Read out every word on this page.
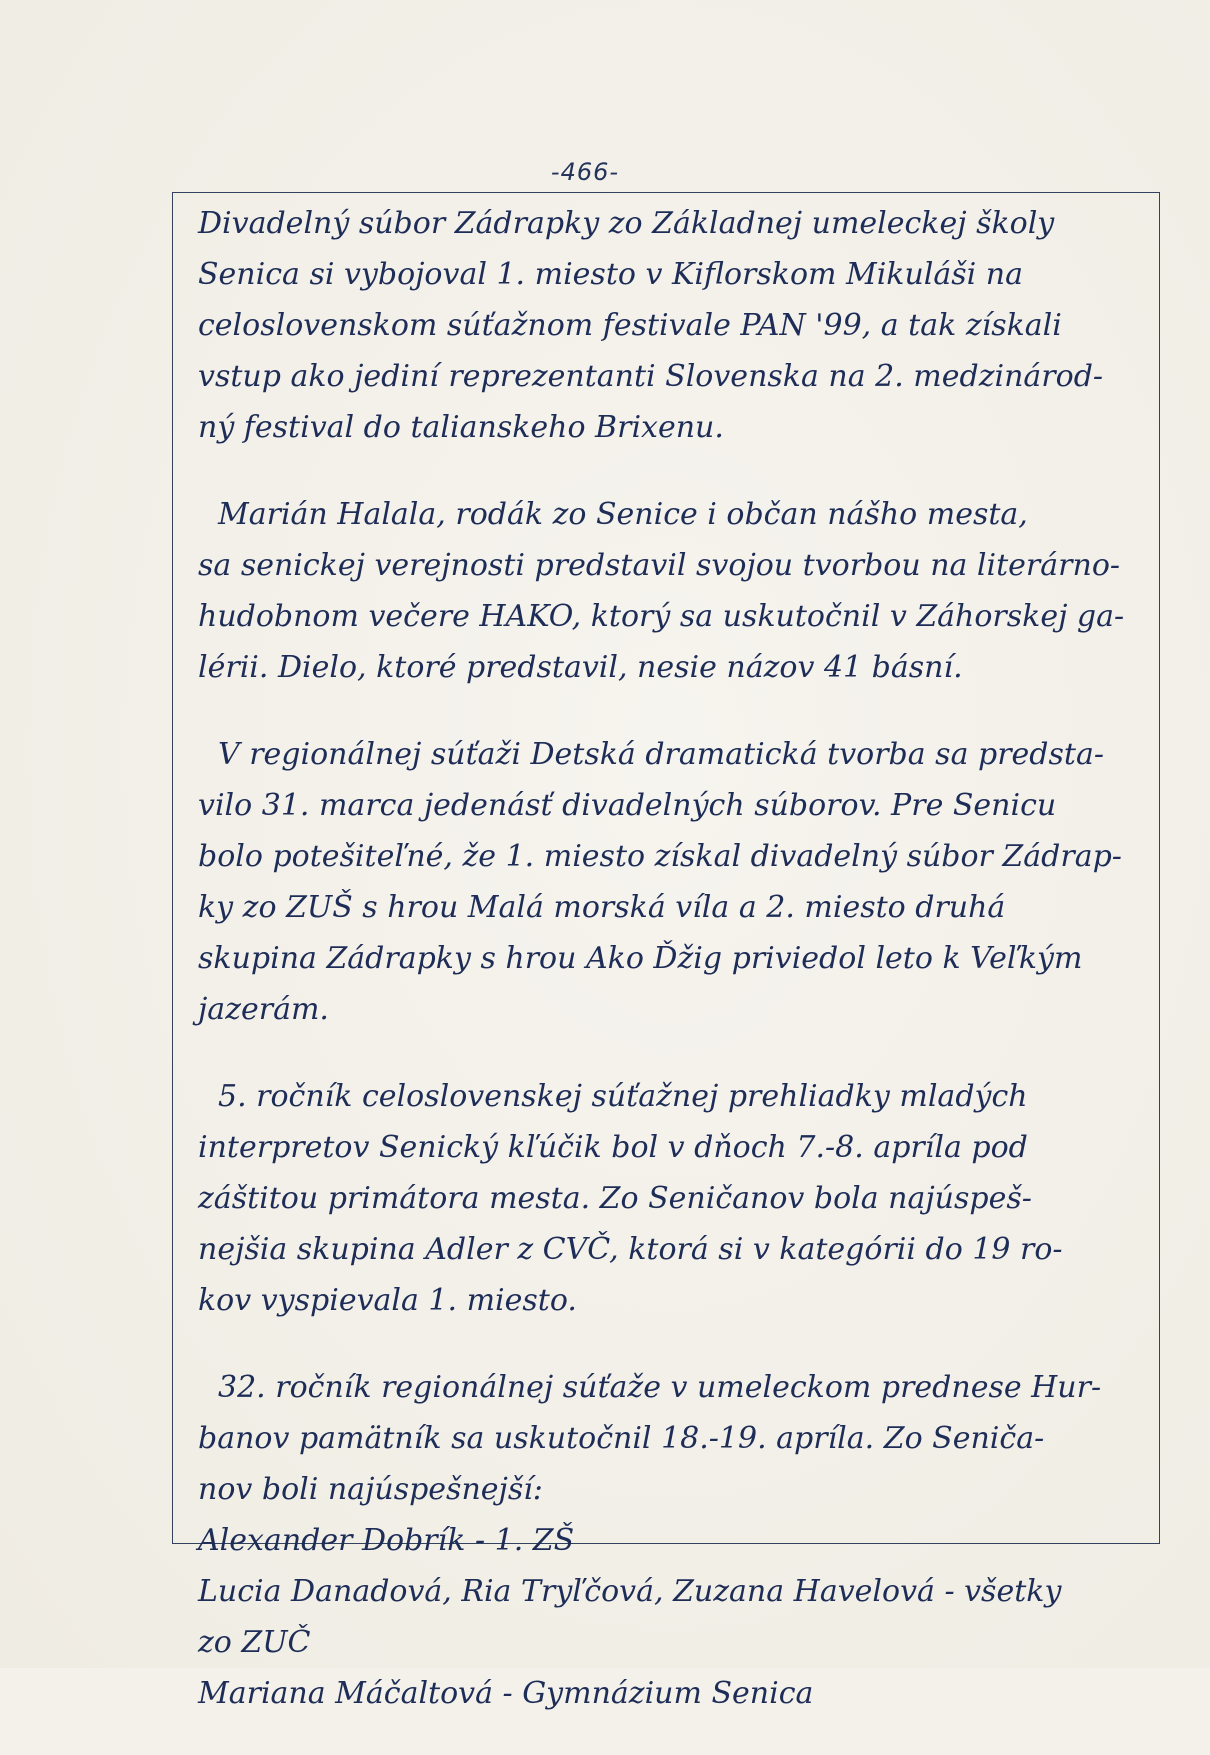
-466-
Divadelný súbor Zádrapky zo Základnej umeleckej školy
Senica si vybojoval 1. miesto v Kiflorskom Mikuláši na
celoslovenskom súťažnom festivale PAN '99, a tak získali
vstup ako jediní reprezentanti Slovenska na 2. medzinárod-
ný festival do talianskeho Brixenu.
Marián Halala, rodák zo Senice i občan nášho mesta,
sa senickej verejnosti predstavil svojou tvorbou na literárno-
hudobnom večere HAKO, ktorý sa uskutočnil v Záhorskej ga-
lérii. Dielo, ktoré predstavil, nesie názov 41 básní.
V regionálnej súťaži Detská dramatická tvorba sa predsta-
vilo 31. marca jedenásť divadelných súborov. Pre Senicu
bolo potešiteľné, že 1. miesto získal divadelný súbor Zádrap-
ky zo ZUŠ s hrou Malá morská víla a 2. miesto druhá
skupina Zádrapky s hrou Ako Ďžig priviedol leto k Veľkým
jazerám.
5. ročník celoslovenskej súťažnej prehliadky mladých
interpretov Senický kľúčik bol v dňoch 7.-8. apríla pod
záštitou primátora mesta. Zo Seničanov bola najúspeš-
nejšia skupina Adler z CVČ, ktorá si v kategórii do 19 ro-
kov vyspievala 1. miesto.
32. ročník regionálnej súťaže v umeleckom prednese Hur-
banov pamätník sa uskutočnil 18.-19. apríla. Zo Seniča-
nov boli najúspešnejší:
Alexander Dobrík - 1. ZŠ
Lucia Danadová, Ria Tryľčová, Zuzana Havelová - všetky
zo ZUČ
Mariana Máčaltová - Gymnázium Senica
